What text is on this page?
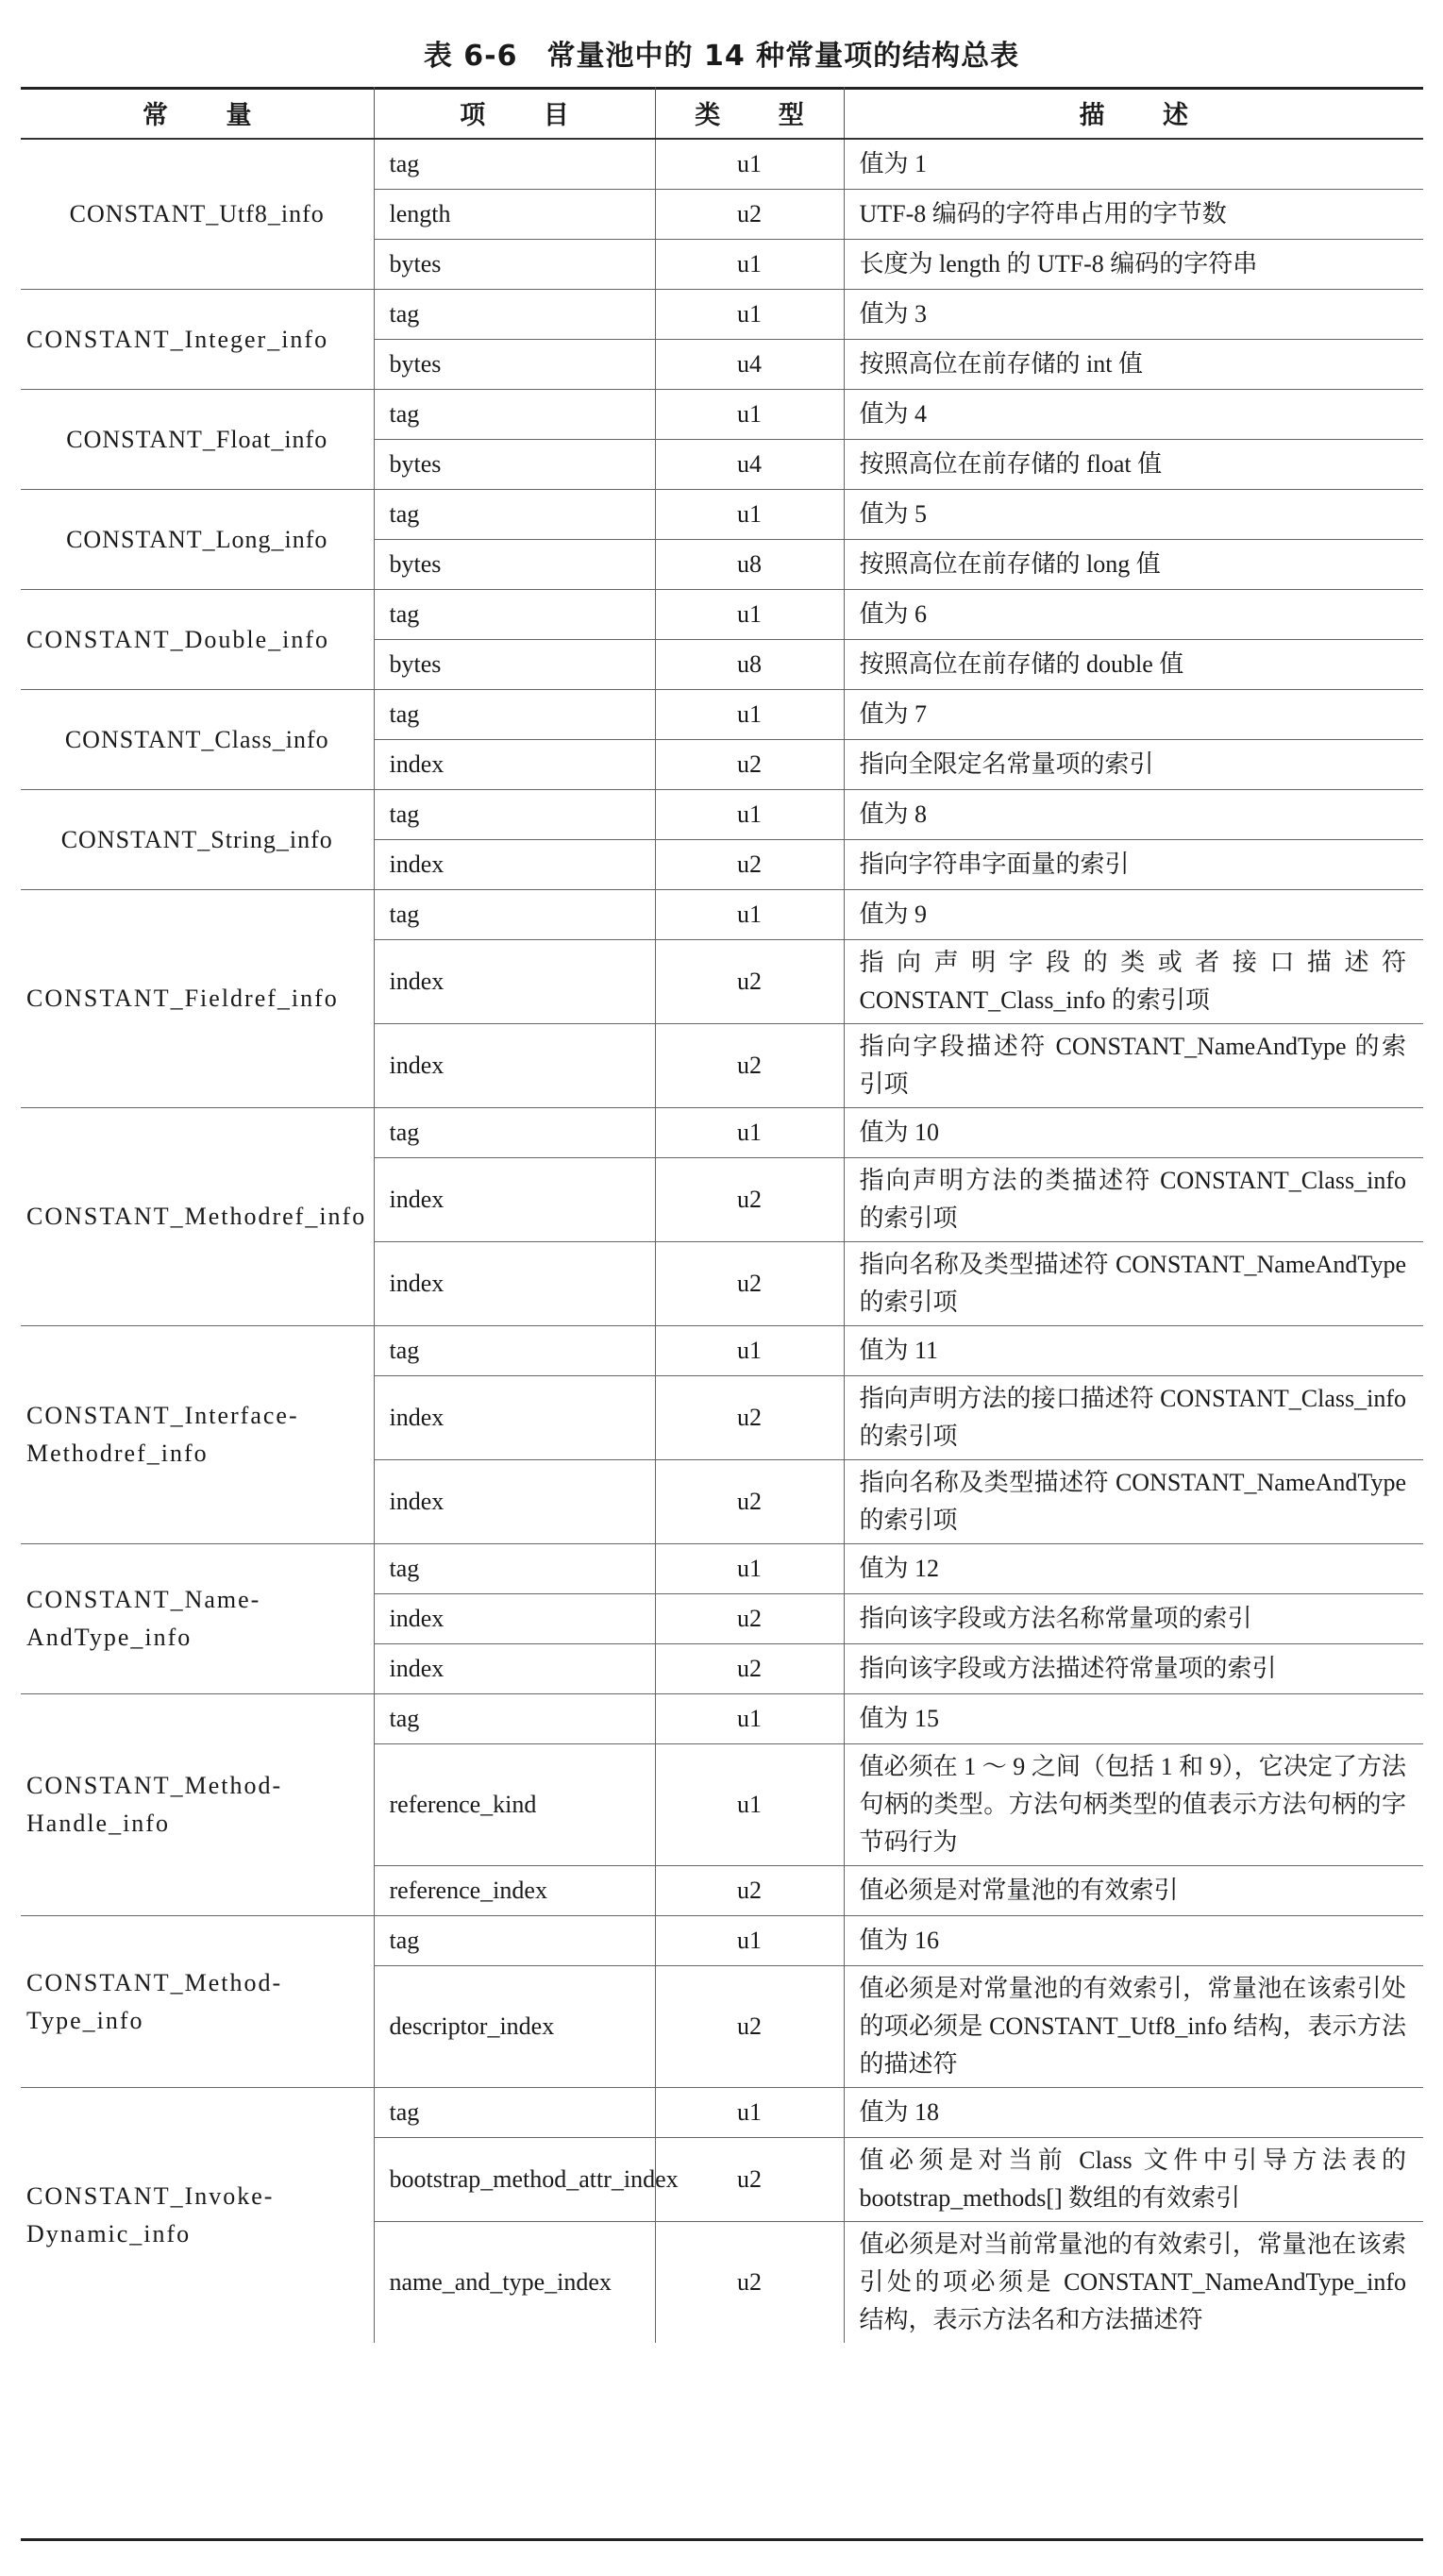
表 6-6　常量池中的 14 种常量项的结构总表
常 量	项 目	类 型	描 述
CONSTANT_Utf8_info	tag	u1	值为 1
	length	u2	UTF-8 编码的字符串占用的字节数
	bytes	u1	长度为 length 的 UTF-8 编码的字符串
CONSTANT_Integer_info	tag	u1	值为 3
	bytes	u4	按照高位在前存储的 int 值
CONSTANT_Float_info	tag	u1	值为 4
	bytes	u4	按照高位在前存储的 float 值
CONSTANT_Long_info	tag	u1	值为 5
	bytes	u8	按照高位在前存储的 long 值
CONSTANT_Double_info	tag	u1	值为 6
	bytes	u8	按照高位在前存储的 double 值
CONSTANT_Class_info	tag	u1	值为 7
	index	u2	指向全限定名常量项的索引
CONSTANT_String_info	tag	u1	值为 8
	index	u2	指向字符串字面量的索引
CONSTANT_Fieldref_info	tag	u1	值为 9
	index	u2	指向声明字段的类或者接口描述符 CONSTANT_Class_info 的索引项
	index	u2	指向字段描述符 CONSTANT_NameAndType 的索引项
CONSTANT_Methodref_info	tag	u1	值为 10
	index	u2	指向声明方法的类描述符 CONSTANT_Class_info 的索引项
	index	u2	指向名称及类型描述符 CONSTANT_NameAndType 的索引项
CONSTANT_Interface-Methodref_info	tag	u1	值为 11
	index	u2	指向声明方法的接口描述符 CONSTANT_Class_info 的索引项
	index	u2	指向名称及类型描述符 CONSTANT_NameAndType 的索引项
CONSTANT_Name-AndType_info	tag	u1	值为 12
	index	u2	指向该字段或方法名称常量项的索引
	index	u2	指向该字段或方法描述符常量项的索引
CONSTANT_Method-Handle_info	tag	u1	值为 15
	reference_kind	u1	值必须在 1 ～ 9 之间（包括 1 和 9），它决定了方法句柄的类型。方法句柄类型的值表示方法句柄的字节码行为
	reference_index	u2	值必须是对常量池的有效索引
CONSTANT_Method-Type_info	tag	u1	值为 16
	descriptor_index	u2	值必须是对常量池的有效索引，常量池在该索引处的项必须是 CONSTANT_Utf8_info 结构，表示方法的描述符
CONSTANT_Invoke-Dynamic_info	tag	u1	值为 18
	bootstrap_method_attr_index	u2	值必须是对当前 Class 文件中引导方法表的 bootstrap_methods[] 数组的有效索引
	name_and_type_index	u2	值必须是对当前常量池的有效索引，常量池在该索引处的项必须是 CONSTANT_NameAndType_info 结构，表示方法名和方法描述符
